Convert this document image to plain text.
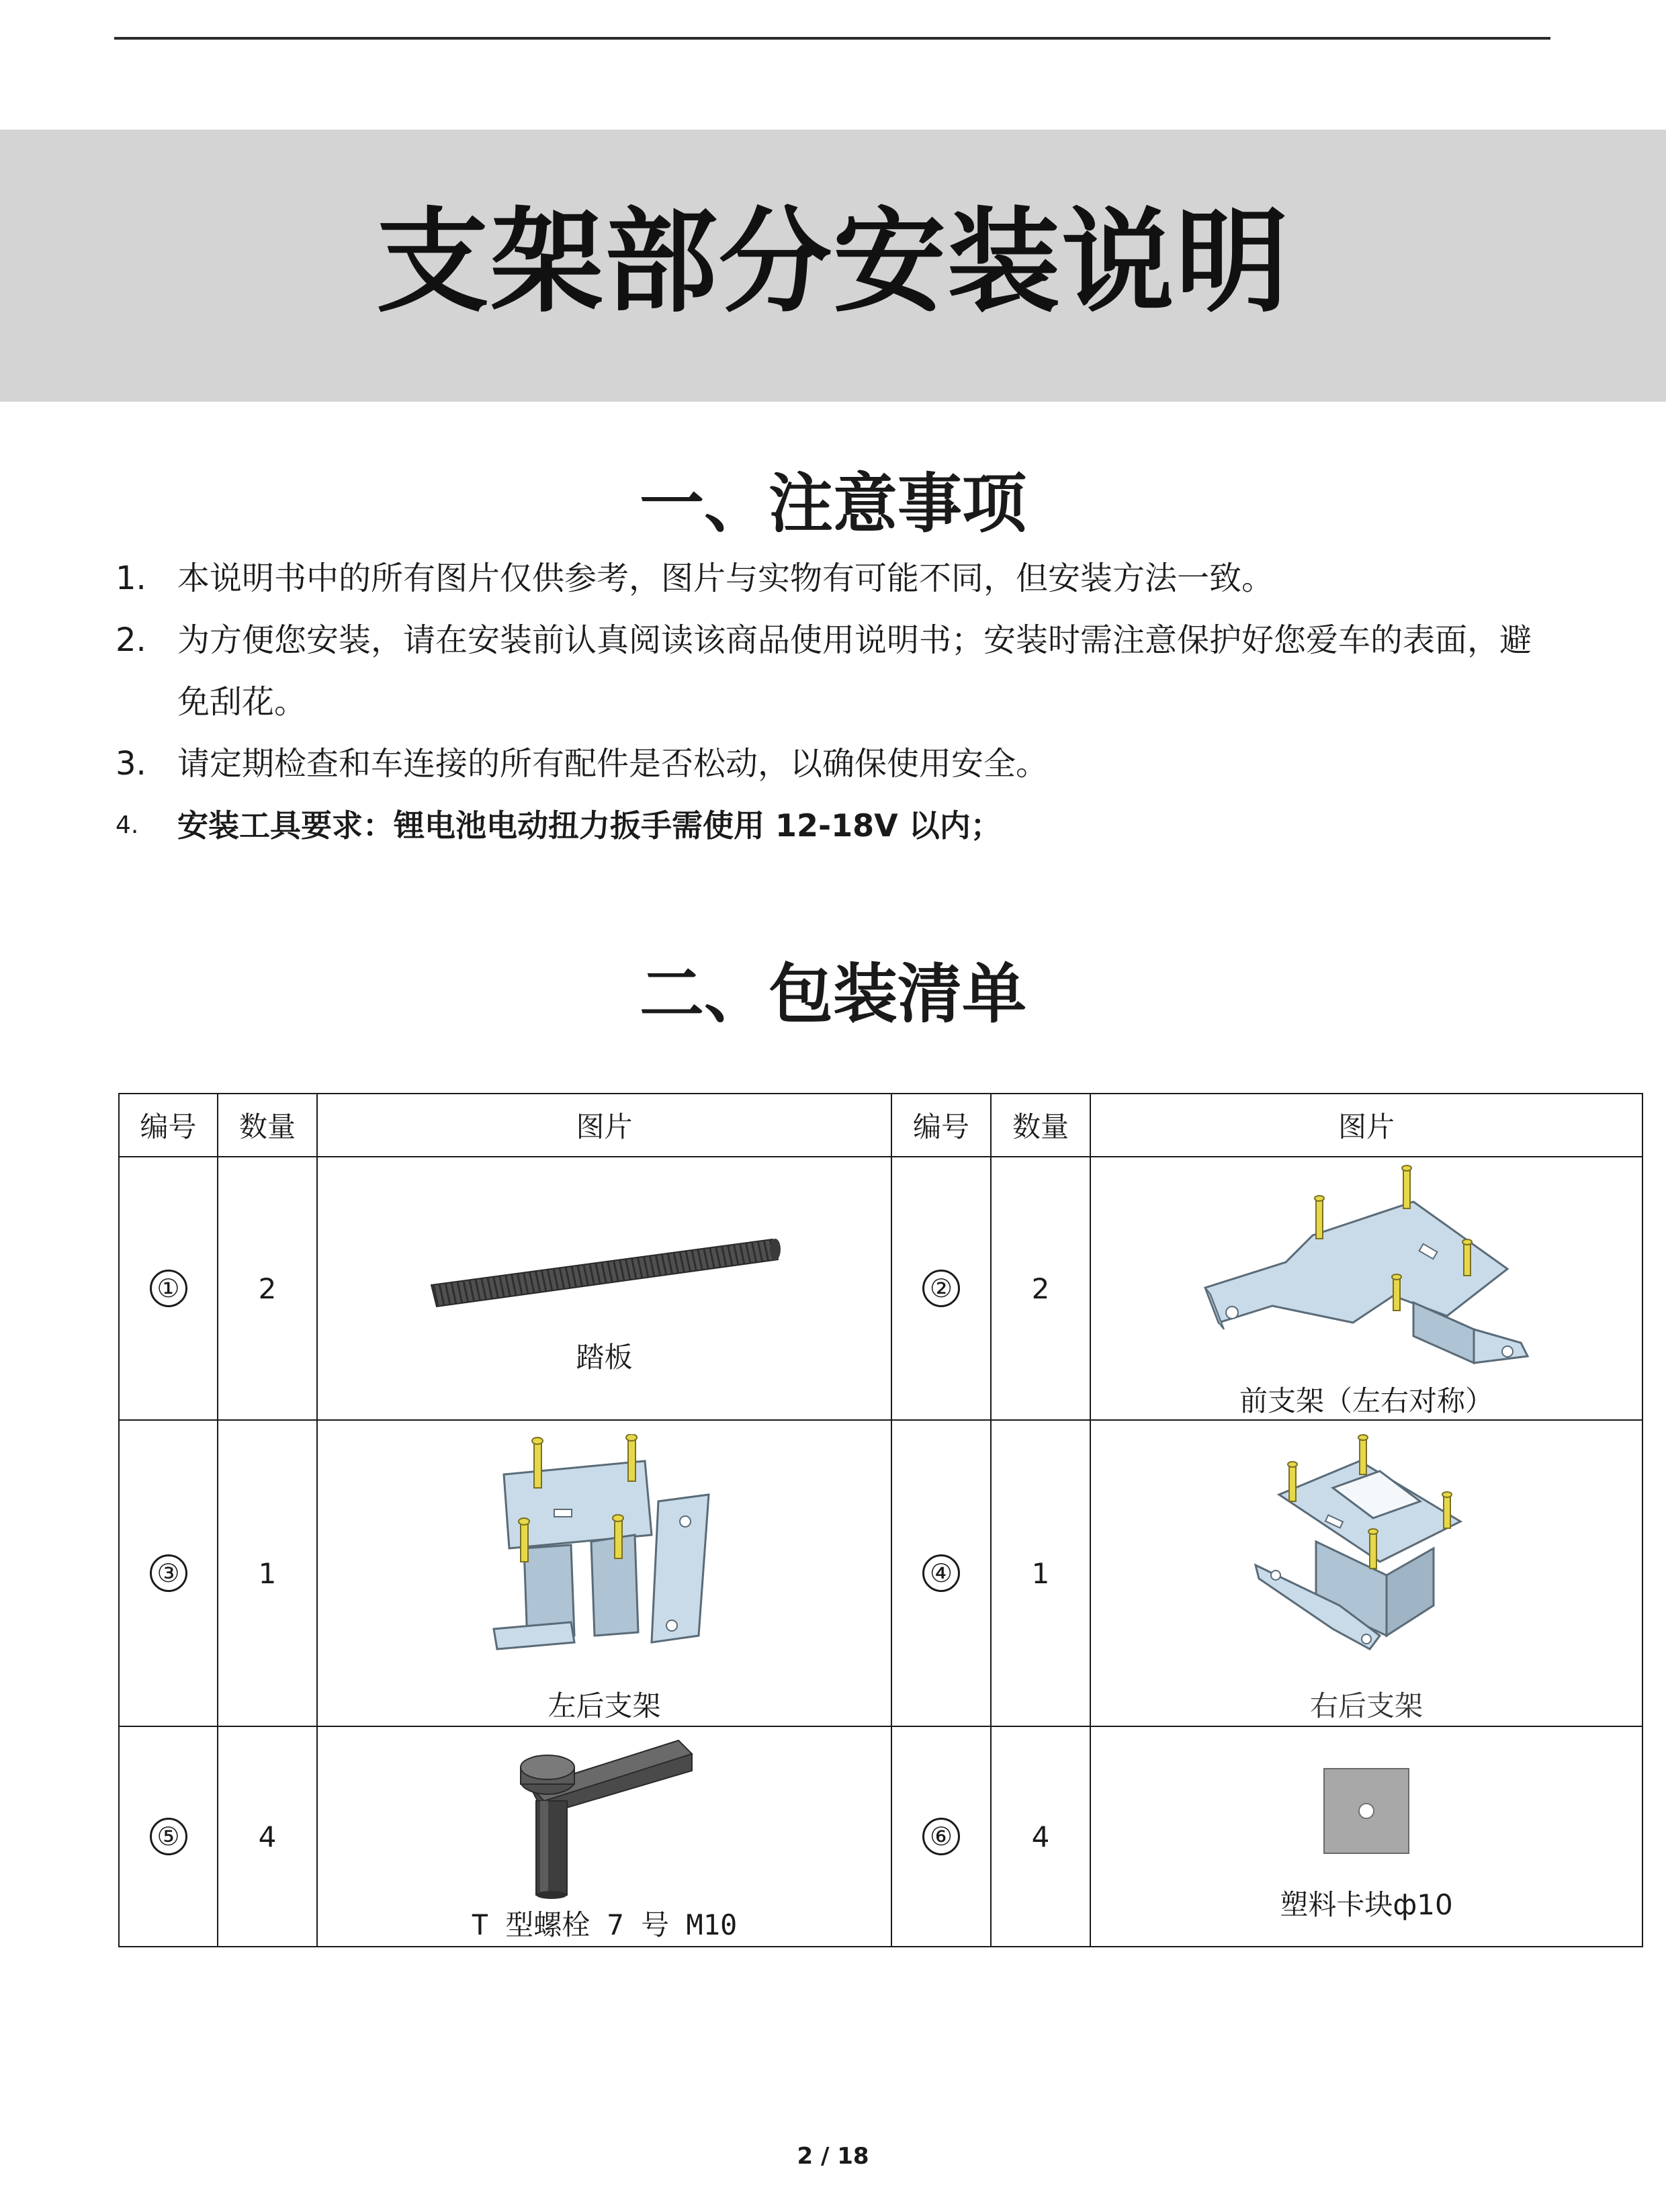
支架部分安装说明
一、注意事项
1. 本说明书中的所有图片仅供参考，图片与实物有可能不同，但安装方法一致。
2. 为方便您安装，请在安装前认真阅读该商品使用说明书；安装时需注意保护好您爱车的表面，避免刮花。
3. 请定期检查和车连接的所有配件是否松动，以确保使用安全。
4.	安装工具要求：锂电池电动扭力扳手需使用 12-18V 以内；
二、包装清单
编号	数量	图片	编号	数量	图片
①	2	踏板	②	2	前支架（左右对称）

③	1	左后支架	④	1	右后支架

⑤	4	T 型螺栓 7 号 M10	⑥	4	塑料卡块ф10
2 / 18
